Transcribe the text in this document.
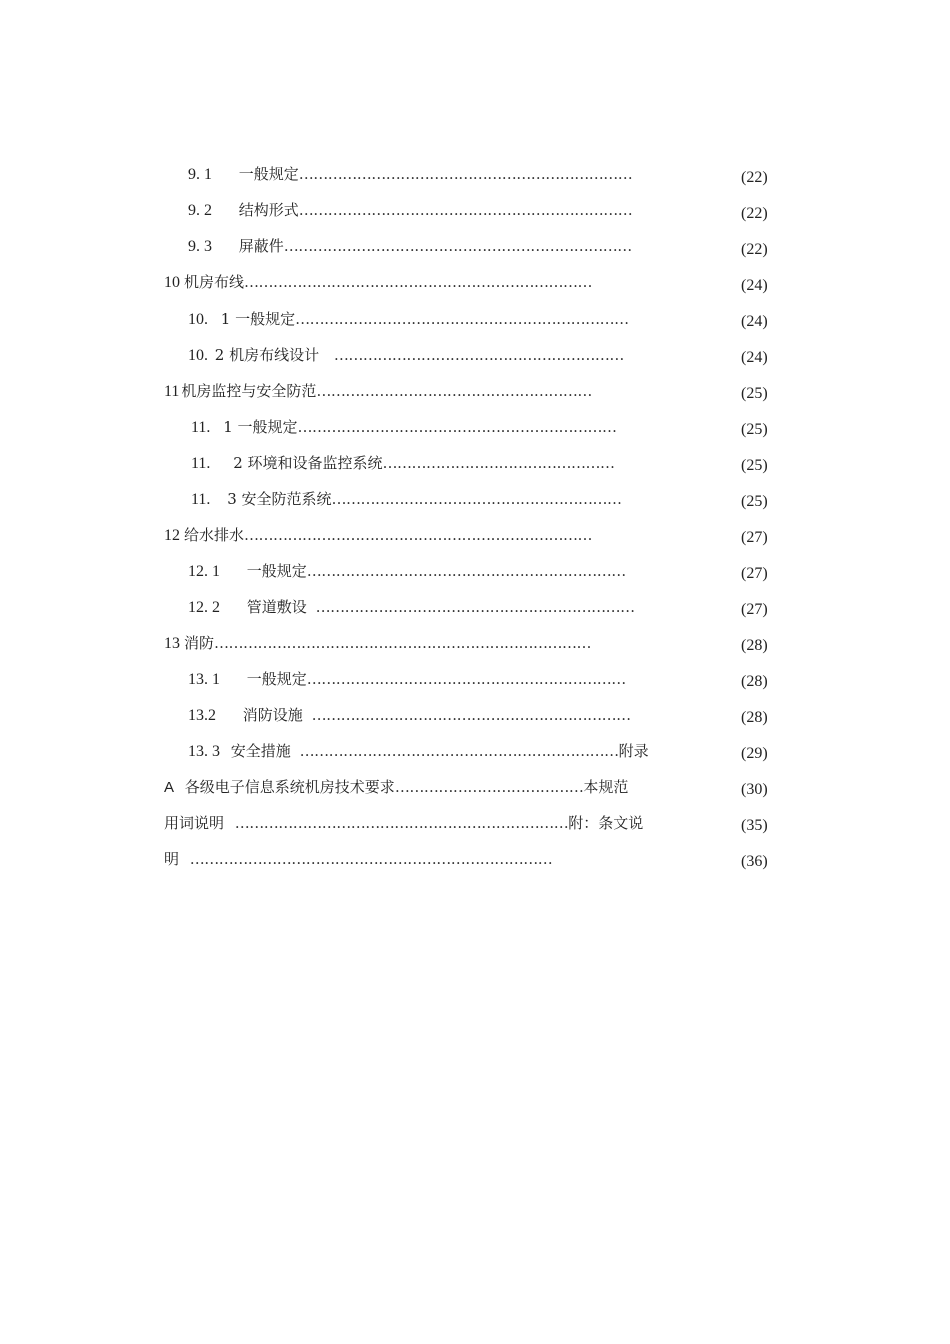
9. 1 一般规定……………………………………………………………	(22)
9. 2 结构形式……………………………………………………………	(22)
9. 3 屏蔽件………………………………………………………………	(22)
10 机房布线………………………………………………………………	(24)
10. 1 一般规定……………………………………………………………	(24)
10. 2 机房布线设计 ……………………………………………………	(24)
11 机房监控与安全防范…………………………………………………	(25)
11. 1 一般规定…………………………………………………………	(25)
11. 2 环境和设备监控系统…………………………………………	(25)
11. 3 安全防范系统……………………………………………………	(25)
12 给水排水………………………………………………………………	(27)
12. 1 一般规定…………………………………………………………	(27)
12. 2 管道敷设 …………………………………………………………	(27)
13 消防……………………………………………………………………	(28)
13. 1 一般规定…………………………………………………………	(28)
13.2 消防设施 …………………………………………………………	(28)
13. 3 安全措施 …………………………………………………………附录	(29)
A 各级电子信息系统机房技术要求…………………………………本规范	(30)
用词说明 ……………………………………………………………附：条文说	(35)
明 …………………………………………………………………	(36)
